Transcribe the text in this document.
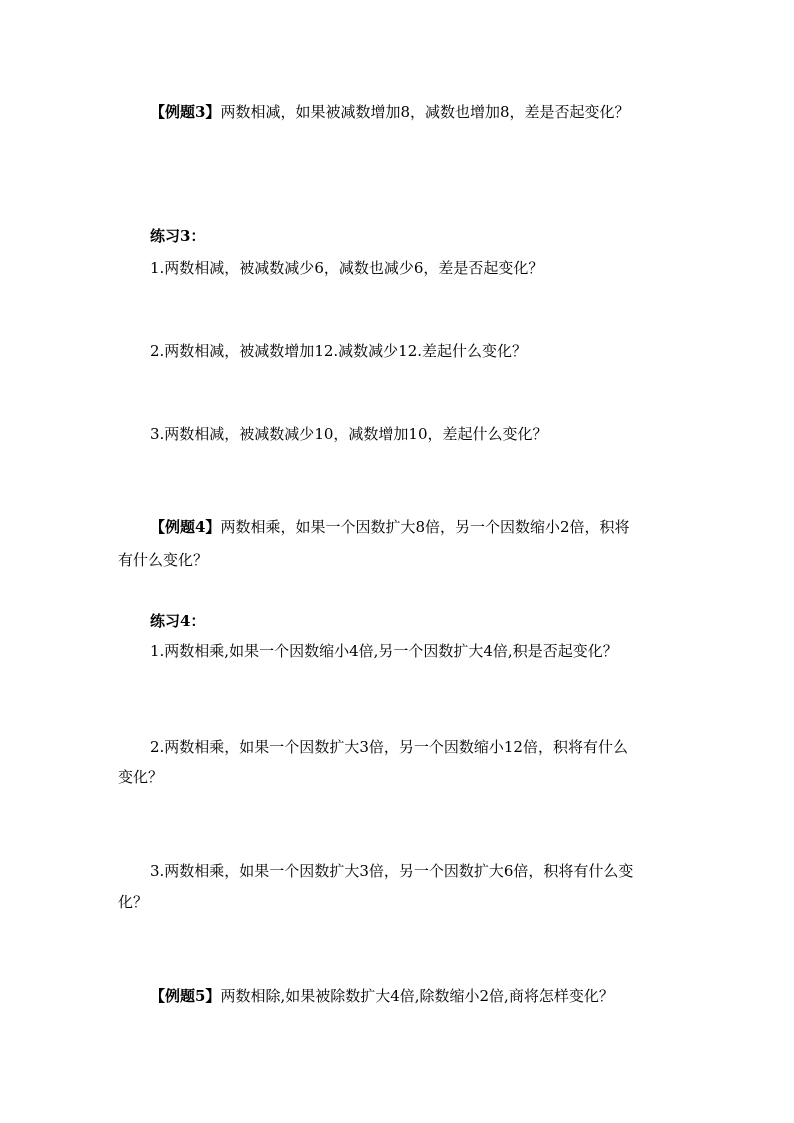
【例题3】两数相减，如果被减数增加8，减数也增加8，差是否起变化？
练习3：
1.两数相减，被减数减少6，减数也减少6，差是否起变化？
2.两数相减，被减数增加12.减数减少12.差起什么变化？
3.两数相减，被减数减少10，减数增加10，差起什么变化？
【例题4】两数相乘，如果一个因数扩大8倍，另一个因数缩小2倍，积将
有什么变化？
练习4：
1.两数相乘,如果一个因数缩小4倍,另一个因数扩大4倍,积是否起变化？
2.两数相乘，如果一个因数扩大3倍，另一个因数缩小12倍，积将有什么
变化？
3.两数相乘，如果一个因数扩大3倍，另一个因数扩大6倍，积将有什么变
化？
【例题5】两数相除,如果被除数扩大4倍,除数缩小2倍,商将怎样变化？
